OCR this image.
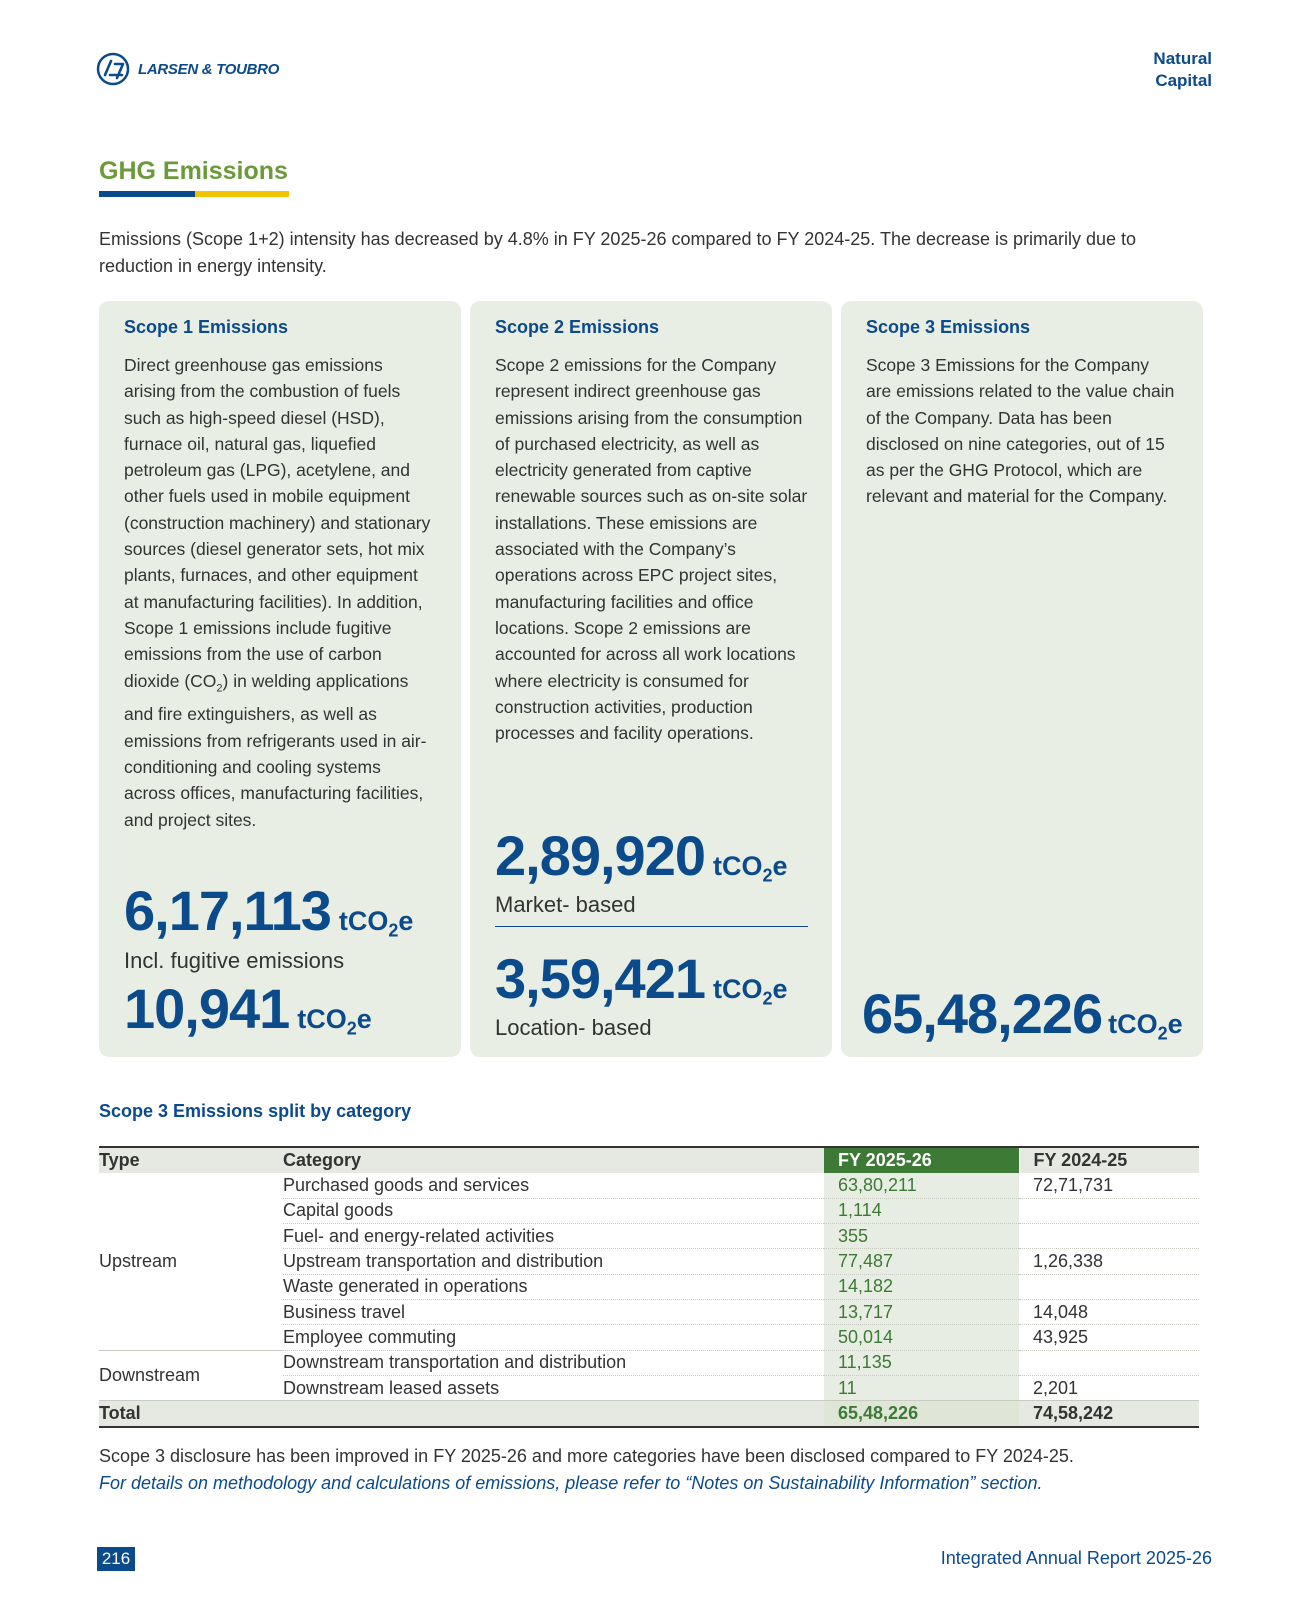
LARSEN & TOUBRO
Natural
Capital
GHG Emissions

Emissions (Scope 1+2) intensity has decreased by 4.8% in FY 2025-26 compared to FY 2024-25. The decrease is primarily due to reduction in energy intensity.

Scope 1 Emissions

Direct greenhouse gas emissions arising from the combustion of fuels such as high-speed diesel (HSD), furnace oil, natural gas, liquefied petroleum gas (LPG), acetylene, and other fuels used in mobile equipment (construction machinery) and stationary sources (diesel generator sets, hot mix plants, furnaces, and other equipment at manufacturing facilities). In addition, Scope 1 emissions include fugitive emissions from the use of carbon dioxide $(CO_2)$ in welding applications and fire extinguishers, as well as emissions from refrigerants used in air-conditioning and cooling systems across offices, manufacturing facilities, and project sites.

6,17,113 tCO$_2$e
Incl. fugitive emissions
10,941 tCO$_2$e
Scope 2 Emissions

Scope 2 emissions for the Company represent indirect greenhouse gas emissions arising from the consumption of purchased electricity, as well as electricity generated from captive renewable sources such as on-site solar installations. These emissions are associated with the Company’s operations across EPC project sites, manufacturing facilities and office locations. Scope 2 emissions are accounted for across all work locations where electricity is consumed for construction activities, production processes and facility operations.

2,89,920 tCO$_2$e
Market- based
3,59,421 tCO$_2$e
Location- based
Scope 3 Emissions

Scope 3 Emissions for the Company are emissions related to the value chain of the Company. Data has been disclosed on nine categories, out of 15 as per the GHG Protocol, which are relevant and material for the Company.

65,48,226 tCO$_2$e
Scope 3 Emissions split by category
Type	Category	FY 2025-26	FY 2024-25
Upstream	Purchased goods and services	63,80,211	72,71,731
	Capital goods	1,114	
	Fuel- and energy-related activities	355	
	Upstream transportation and distribution	77,487	1,26,338
	Waste generated in operations	14,182	
	Business travel	13,717	14,048
	Employee commuting	50,014	43,925
Downstream	Downstream transportation and distribution	11,135	
	Downstream leased assets	11	2,201
Total		65,48,226	74,58,242

Scope 3 disclosure has been improved in FY 2025-26 and more categories have been disclosed compared to FY 2024-25.

For details on methodology and calculations of emissions, please refer to “Notes on Sustainability Information” section.

216	Integrated Annual Report 2025-26
